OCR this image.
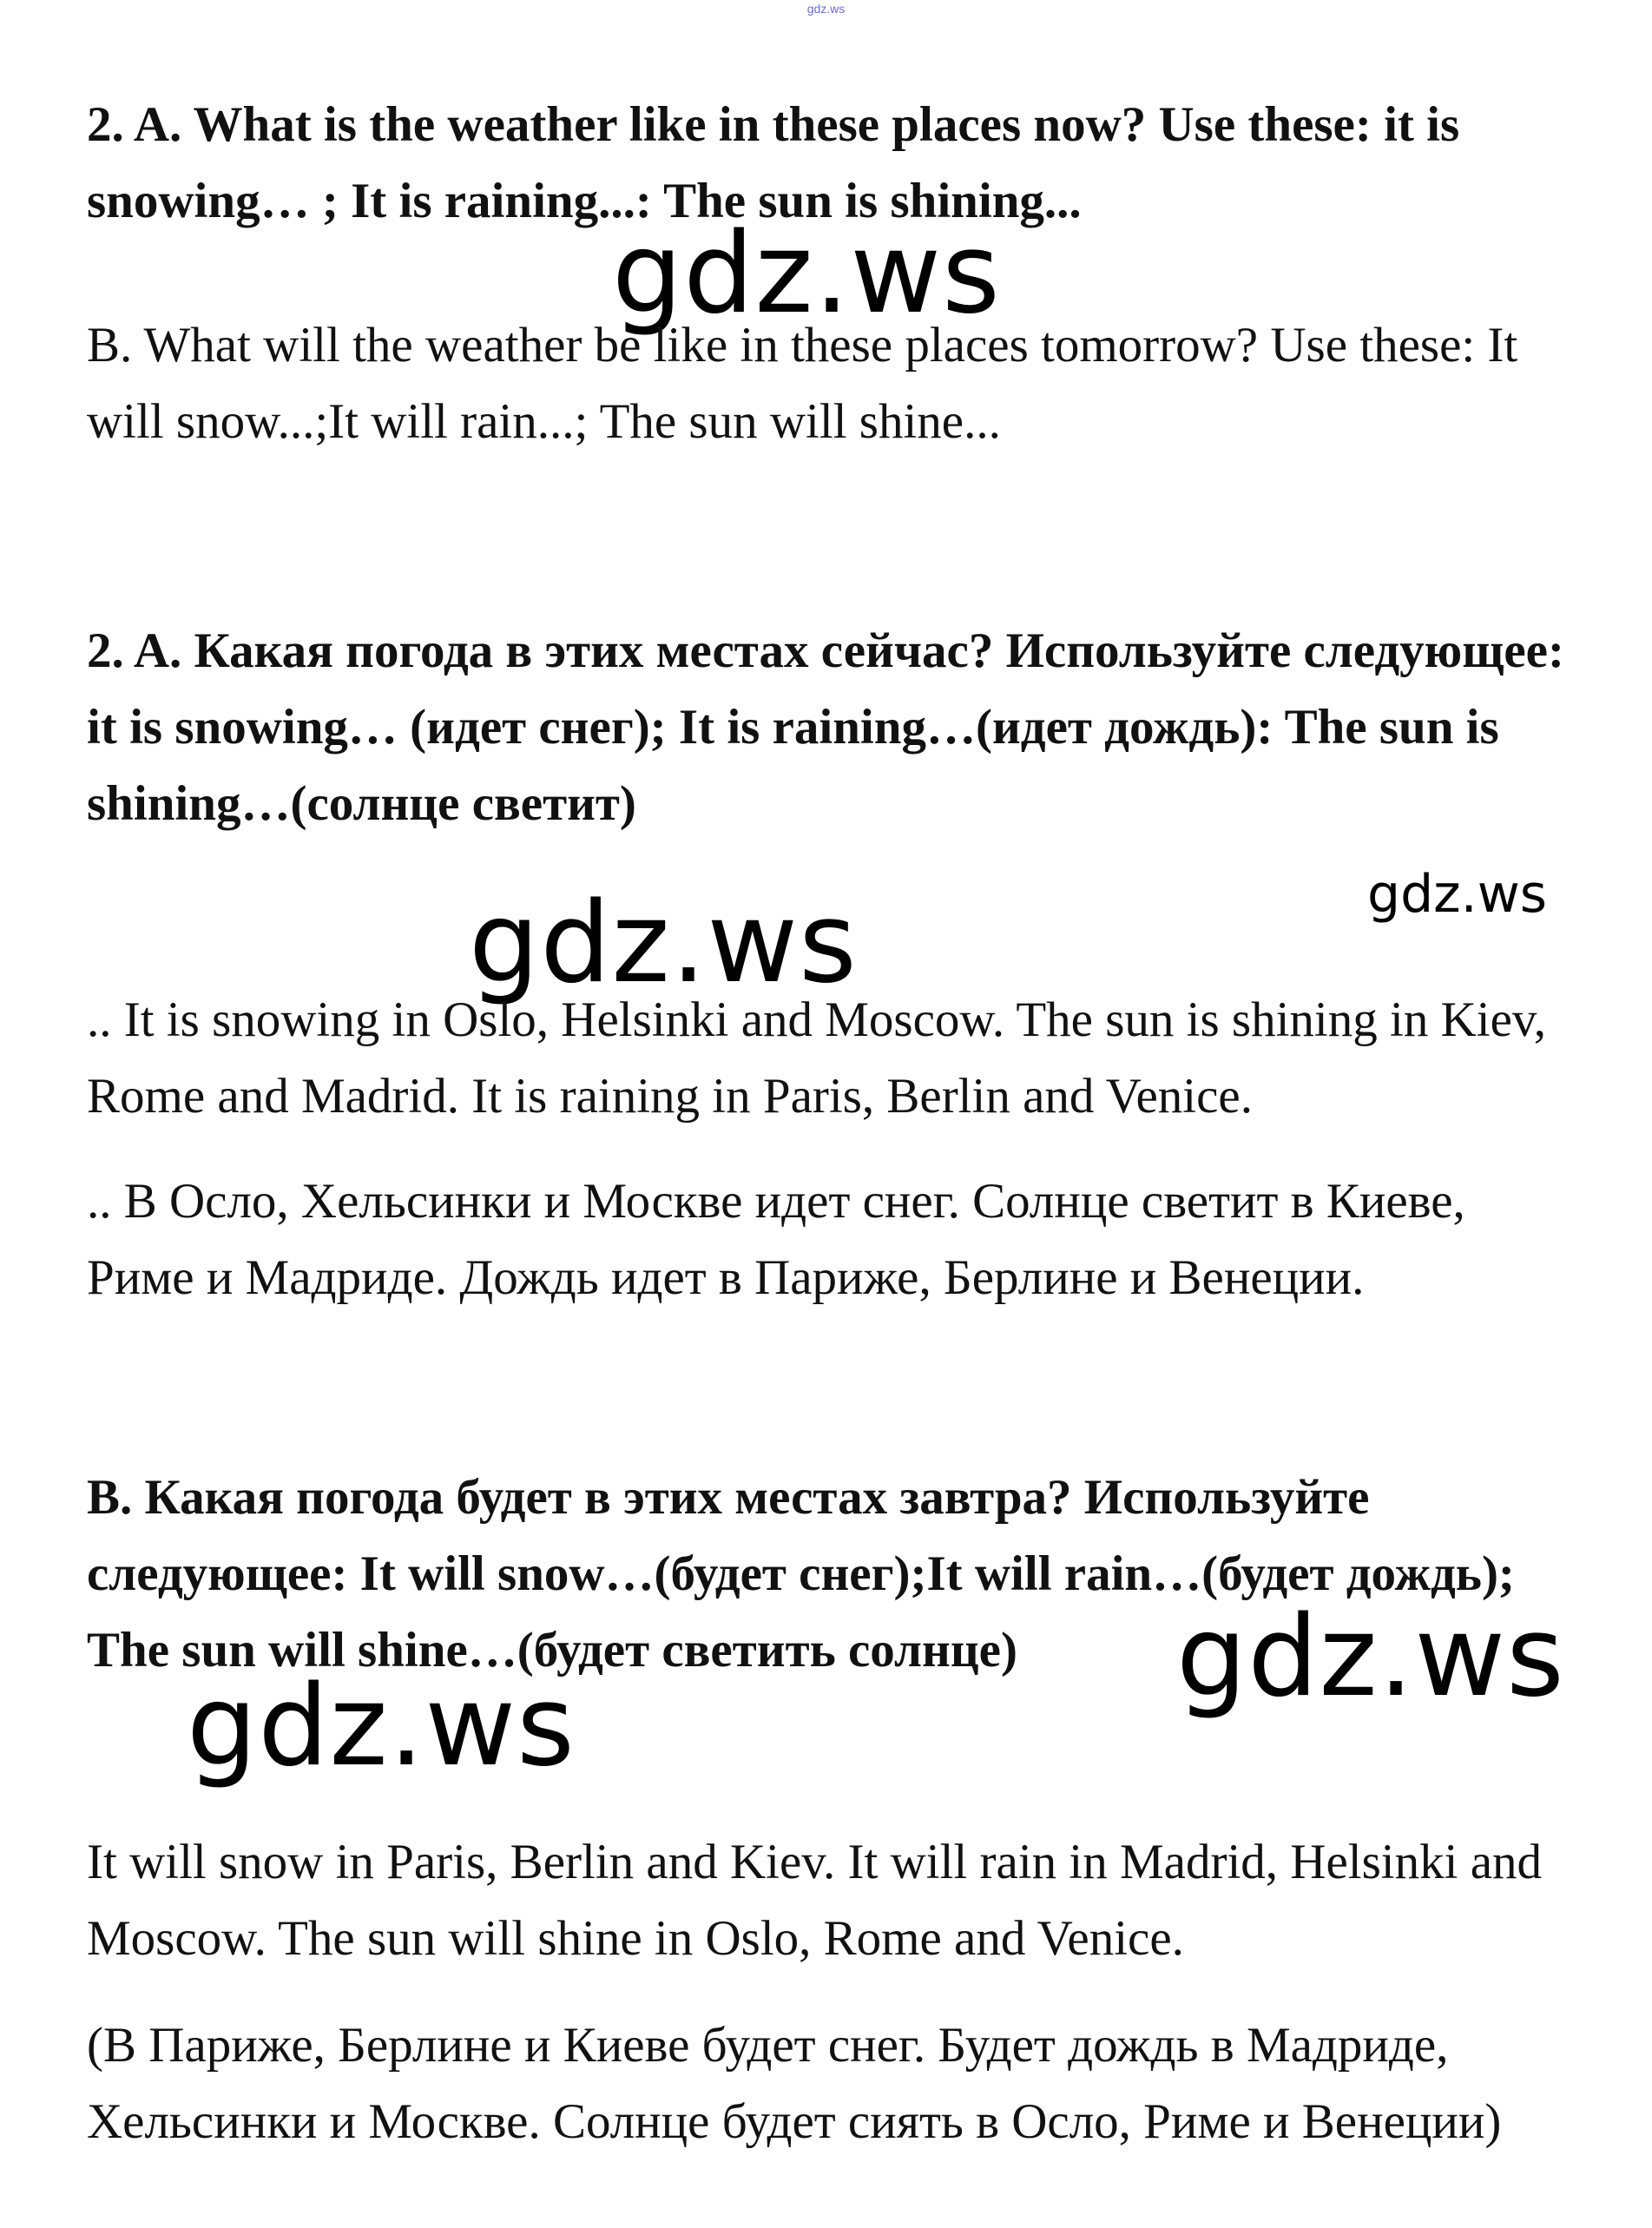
gdz.ws

2. A. What is the weather like in these places now? Use these: it is snowing… ; It is raining...: The sun is shining...

gdz.ws

B. What will the weather be like in these places tomorrow? Use these: It will snow...;It will rain...; The sun will shine...

2. A. Какая погода в этих местах сейчас? Используйте следующее: it is snowing… (идет снег); It is raining…(идет дождь): The sun is shining…(солнце светит)

gdz.ws
gdz.ws

.. It is snowing in Oslo, Helsinki and Moscow. The sun is shining in Kiev, Rome and Madrid. It is raining in Paris, Berlin and Venice.

.. В Осло, Хельсинки и Москве идет снег. Солнце светит в Киеве, Риме и Мадриде. Дождь идет в Париже, Берлине и Венеции.

B. Какая погода будет в этих местах завтра? Используйте следующее: It will snow…(будет снег);It will rain…(будет дождь); The sun will shine…(будет светить солнце)	gdz.ws
gdz.ws

It will snow in Paris, Berlin and Kiev. It will rain in Madrid, Helsinki and Moscow. The sun will shine in Oslo, Rome and Venice.

(В Париже, Берлине и Киеве будет снег. Будет дождь в Мадриде, Хельсинки и Москве. Солнце будет сиять в Осло, Риме и Венеции)
